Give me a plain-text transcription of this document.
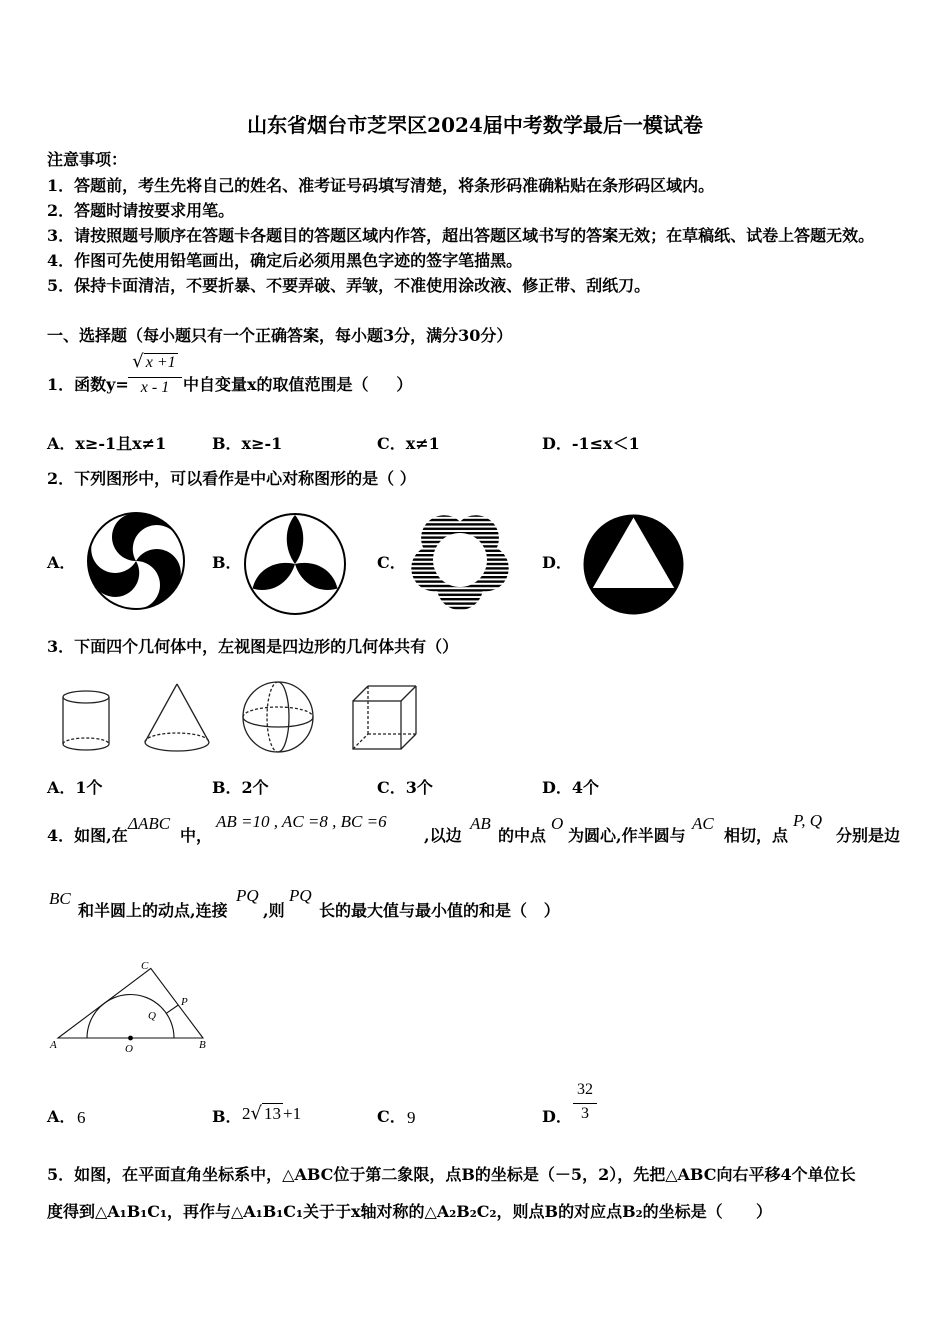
山东省烟台市芝罘区2024届中考数学最后一模试卷
注意事项：
1．答题前，考生先将自己的姓名、准考证号码填写清楚，将条形码准确粘贴在条形码区域内。
2．答题时请按要求用笔。
3．请按照题号顺序在答题卡各题目的答题区域内作答，超出答题区域书写的答案无效；在草稿纸、试卷上答题无效。
4．作图可先使用铅笔画出，确定后必须用黑色字迹的签字笔描黑。
5．保持卡面清洁，不要折暴、不要弄破、弄皱，不准使用涂改液、修正带、刮纸刀。
一、选择题（每小题只有一个正确答案，每小题3分，满分30分）
1．函数y=
√ x +1
x - 1 中自变量x的取值范围是（     ）
A．x≥-1且x≠1	B．x≥-1	C．x≠1	D．-1≤x＜1
2．下列图形中，可以看作是中心对称图形的是（ ）
A．	B．	C．	D．
3．下面四个几何体中，左视图是四边形的几何体共有（）
A．1个	B．2个	C．3个	D．4个
4．如图,在
ΔABC
中，
AB =10 , AC =8 , BC =6
,以边
AB
的中点
O
为圆心,作半圆与
AC
相切，点
P, Q
分别是边
BC
和半圆上的动点,连接
PQ
,则
PQ
长的最大值与最小值的和是（   ）
C
P
Q
A	O	B
A． 6	B． 2√ 13 +1	C． 9	D．
32
3
5．如图，在平面直角坐标系中，△ABC位于第二象限，点B的坐标是（－5，2），先把△ABC向右平移4个单位长
度得到△A₁B₁C₁，再作与△A₁B₁C₁关于于x轴对称的△A₂B₂C₂，则点B的对应点B₂的坐标是（      ）
